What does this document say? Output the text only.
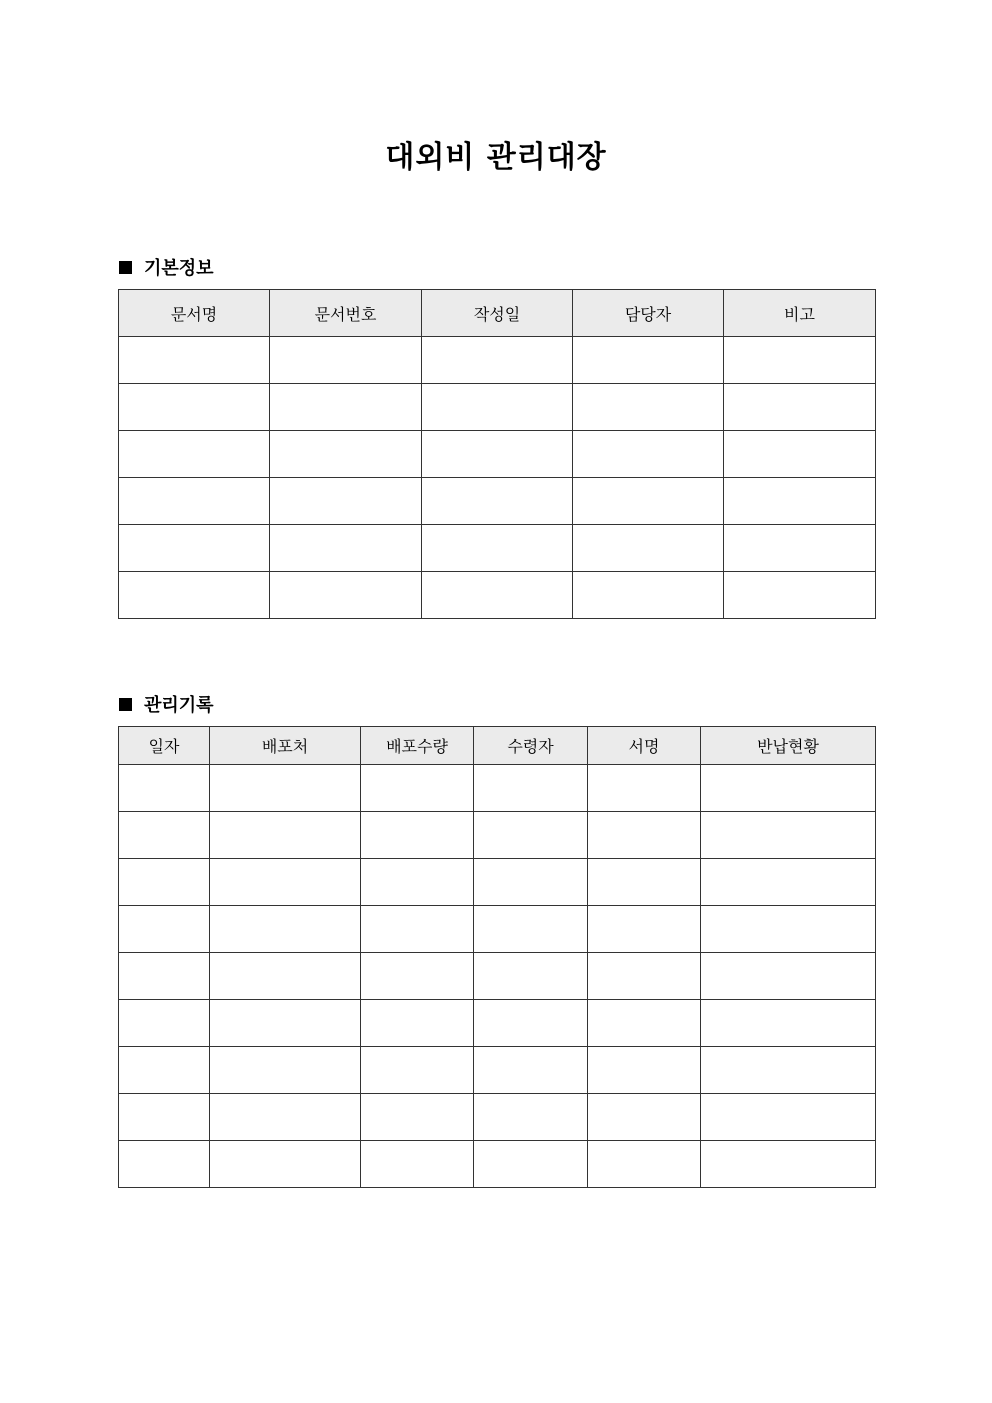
대외비 관리대장
기본정보
문서명	문서번호	작성일	담당자	비고

관리기록
일자	배포처	배포수량	수령자	서명	반납현황
